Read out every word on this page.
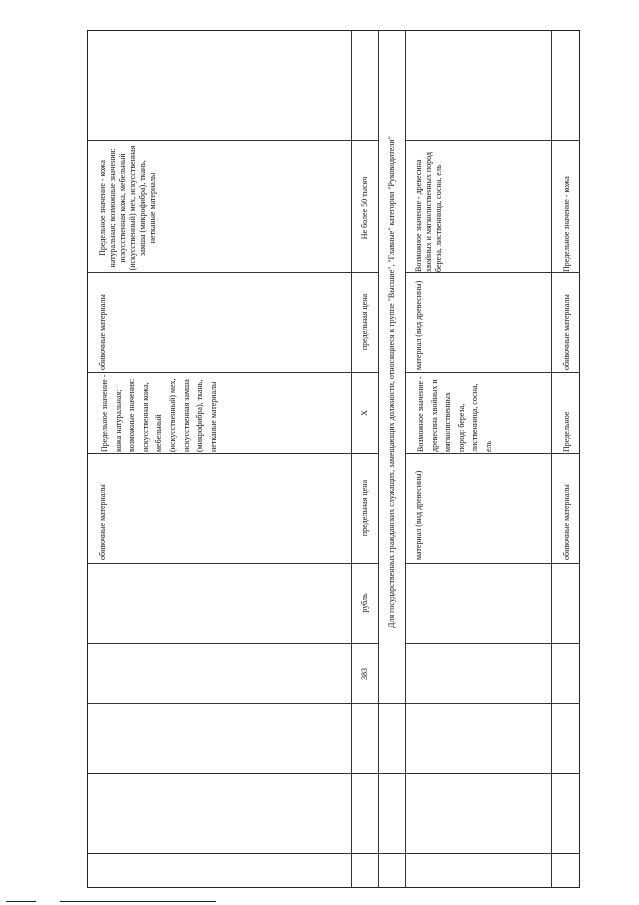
Предельное значение - кожа натуральная; возможные значения: искусственная кожа, мебельный (искусственный) мех, искусственная замша (микрофибра), ткань, нетканые материалы
обивочные материалы
Предельное значение - кожа натуральная; возможные значения: искусственная кожа, мебельный (искусственный) мех, искусственная замша (микрофибра), ткань, нетканые материалы
обивочные материалы
Не более 50 тысяч
предельная цена
Х
предельная цена
рубль
383
Для государственных гражданских служащих, замещающих должности, относящиеся к группе "Высшие", "Главные" категории "Руководители" Возможное значение - древесина хвойных и мягколиственных пород береза, лиственница, сосна, ель
материал (вид древесины)
Возможное значение - древесина хвойных и мягколиственных пород: береза, лиственница, сосна, ель
материал (вид древесины)
Предельное значение - кожа
обивочные материалы
Предельное
обивочные материалы
